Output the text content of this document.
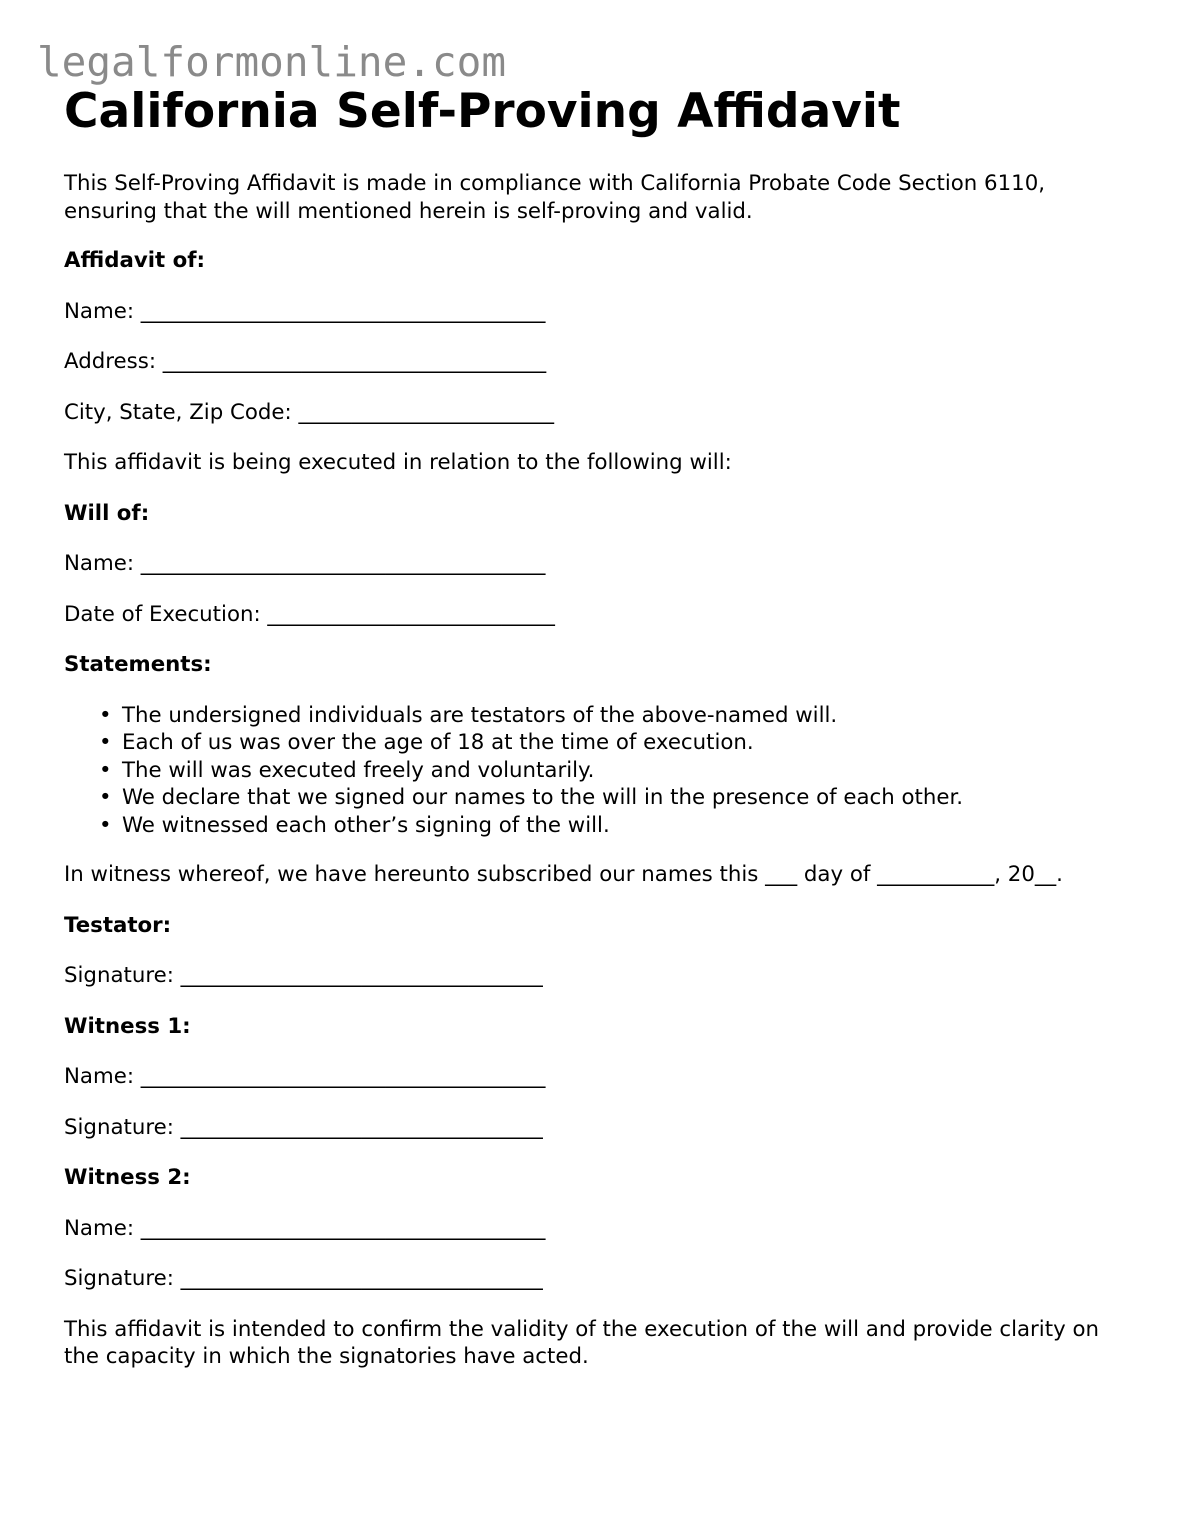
legalformonline.com
California Self-Proving Affidavit

This Self-Proving Affidavit is made in compliance with California Probate Code Section 6110, ensuring that the will mentioned herein is self-proving and valid.

Affidavit of:

Name: ______________________________________

Address: ____________________________________

City, State, Zip Code: ________________________

This affidavit is being executed in relation to the following will:

Will of:

Name: ______________________________________

Date of Execution: ___________________________

Statements:

• The undersigned individuals are testators of the above-named will.
• Each of us was over the age of 18 at the time of execution.
• The will was executed freely and voluntarily.
• We declare that we signed our names to the will in the presence of each other.
• We witnessed each other’s signing of the will.

In witness whereof, we have hereunto subscribed our names this ___ day of ___________, 20__.

Testator:

Signature: __________________________________

Witness 1:

Name: ______________________________________

Signature: __________________________________

Witness 2:

Name: ______________________________________

Signature: __________________________________

This affidavit is intended to confirm the validity of the execution of the will and provide clarity on the capacity in which the signatories have acted.
